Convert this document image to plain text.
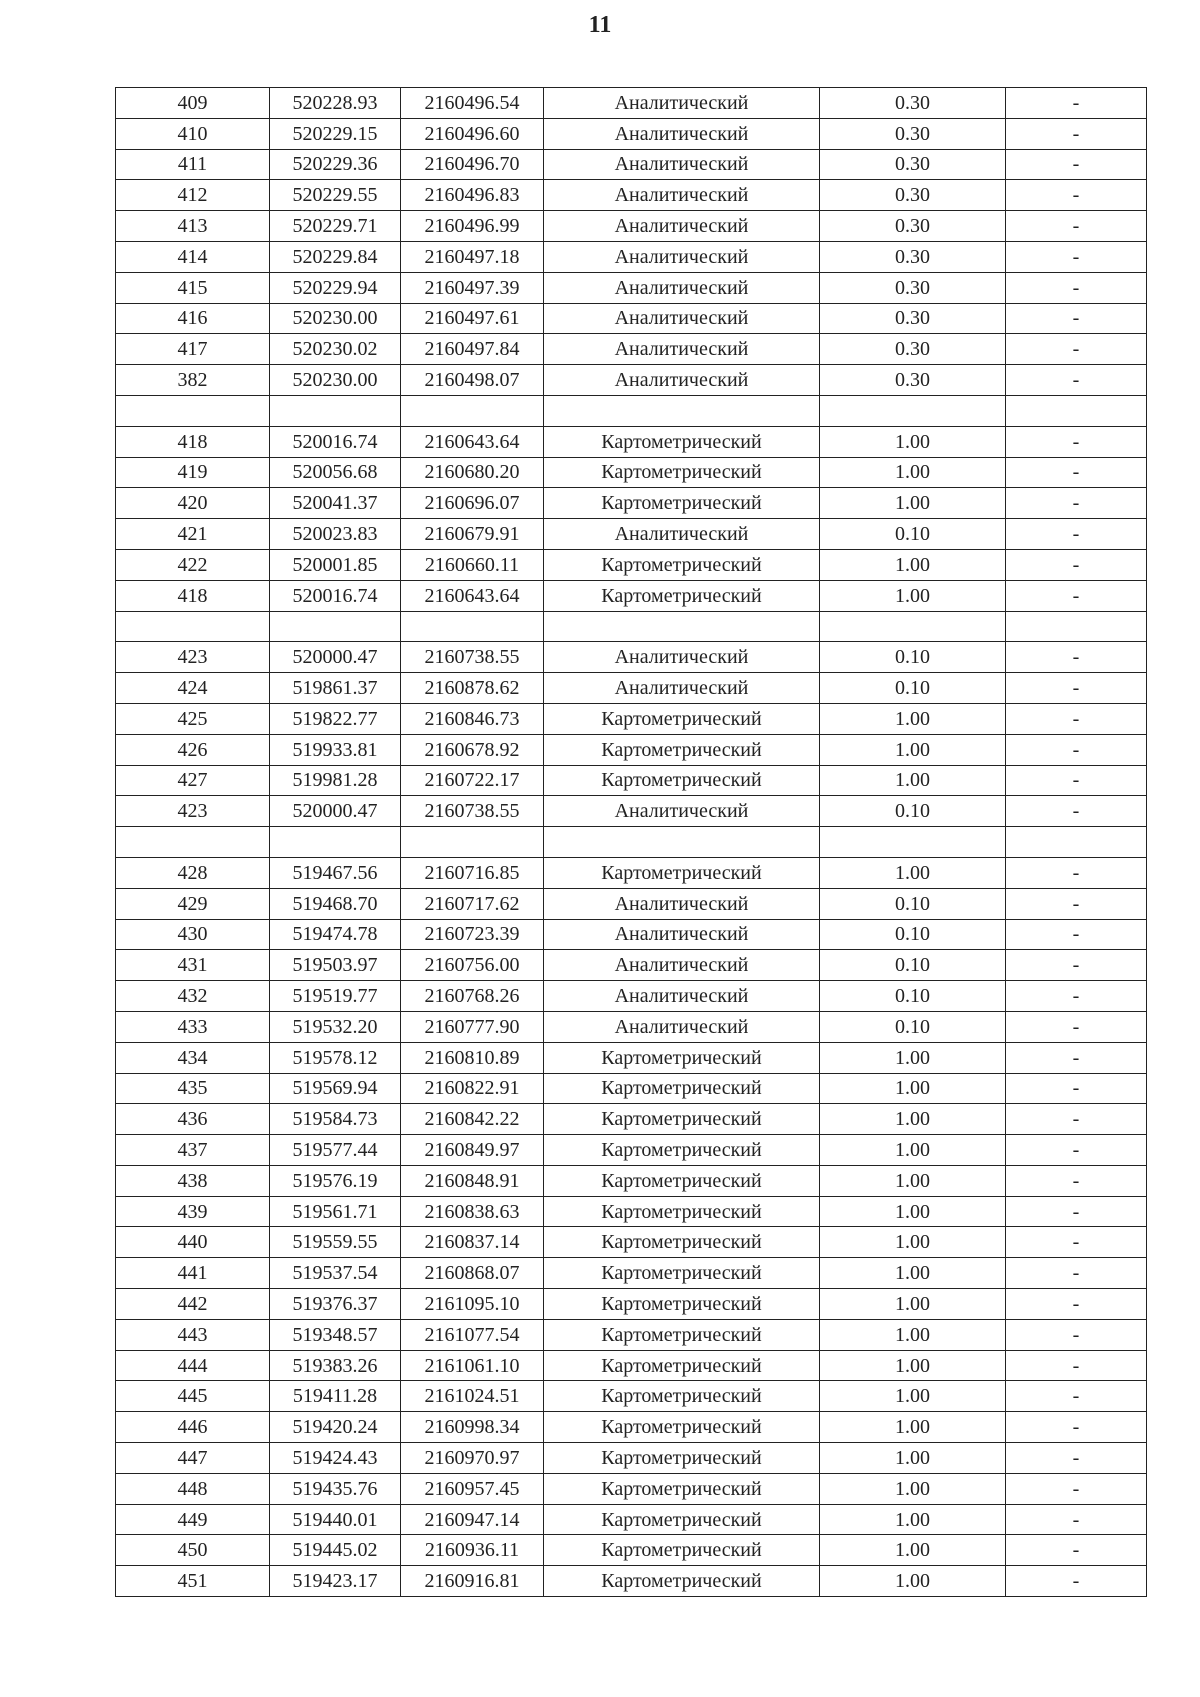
11
409	520228.93	2160496.54	Аналитический	0.30	-
410	520229.15	2160496.60	Аналитический	0.30	-
411	520229.36	2160496.70	Аналитический	0.30	-
412	520229.55	2160496.83	Аналитический	0.30	-
413	520229.71	2160496.99	Аналитический	0.30	-
414	520229.84	2160497.18	Аналитический	0.30	-
415	520229.94	2160497.39	Аналитический	0.30	-
416	520230.00	2160497.61	Аналитический	0.30	-
417	520230.02	2160497.84	Аналитический	0.30	-
382	520230.00	2160498.07	Аналитический	0.30	-

418	520016.74	2160643.64	Картометрический	1.00	-
419	520056.68	2160680.20	Картометрический	1.00	-
420	520041.37	2160696.07	Картометрический	1.00	-
421	520023.83	2160679.91	Аналитический	0.10	-
422	520001.85	2160660.11	Картометрический	1.00	-
418	520016.74	2160643.64	Картометрический	1.00	-

423	520000.47	2160738.55	Аналитический	0.10	-
424	519861.37	2160878.62	Аналитический	0.10	-
425	519822.77	2160846.73	Картометрический	1.00	-
426	519933.81	2160678.92	Картометрический	1.00	-
427	519981.28	2160722.17	Картометрический	1.00	-
423	520000.47	2160738.55	Аналитический	0.10	-

428	519467.56	2160716.85	Картометрический	1.00	-
429	519468.70	2160717.62	Аналитический	0.10	-
430	519474.78	2160723.39	Аналитический	0.10	-
431	519503.97	2160756.00	Аналитический	0.10	-
432	519519.77	2160768.26	Аналитический	0.10	-
433	519532.20	2160777.90	Аналитический	0.10	-
434	519578.12	2160810.89	Картометрический	1.00	-
435	519569.94	2160822.91	Картометрический	1.00	-
436	519584.73	2160842.22	Картометрический	1.00	-
437	519577.44	2160849.97	Картометрический	1.00	-
438	519576.19	2160848.91	Картометрический	1.00	-
439	519561.71	2160838.63	Картометрический	1.00	-
440	519559.55	2160837.14	Картометрический	1.00	-
441	519537.54	2160868.07	Картометрический	1.00	-
442	519376.37	2161095.10	Картометрический	1.00	-
443	519348.57	2161077.54	Картометрический	1.00	-
444	519383.26	2161061.10	Картометрический	1.00	-
445	519411.28	2161024.51	Картометрический	1.00	-
446	519420.24	2160998.34	Картометрический	1.00	-
447	519424.43	2160970.97	Картометрический	1.00	-
448	519435.76	2160957.45	Картометрический	1.00	-
449	519440.01	2160947.14	Картометрический	1.00	-
450	519445.02	2160936.11	Картометрический	1.00	-
451	519423.17	2160916.81	Картометрический	1.00	-
